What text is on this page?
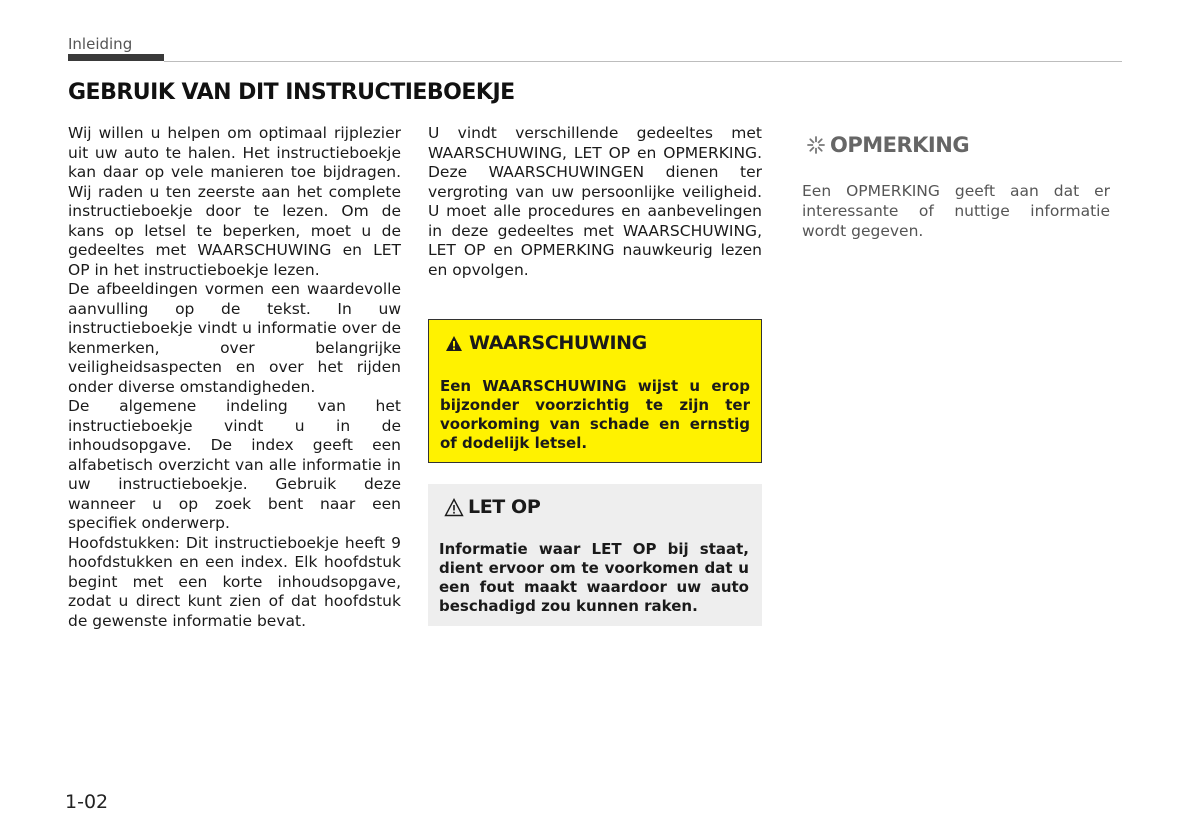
Inleiding
GEBRUIK VAN DIT INSTRUCTIEBOEKJE

Wij willen u helpen om optimaal rijplezier uit uw auto te halen. Het instructieboekje kan daar op vele manieren toe bijdragen. Wij raden u ten zeerste aan het complete instructieboekje door te lezen. Om de kans op letsel te beperken, moet u de gedeeltes met WAARSCHUWING en LET OP in het instructieboekje lezen.

De afbeeldingen vormen een waardevolle aanvulling op de tekst. In uw instructieboekje vindt u informatie over de kenmerken, over belangrijke veiligheidsaspecten en over het rijden onder diverse omstandigheden.

De algemene indeling van het instructieboekje vindt u in de inhoudsopgave. De index geeft een alfabetisch overzicht van alle informatie in uw instructieboekje. Gebruik deze wanneer u op zoek bent naar een specifiek onderwerp.

Hoofdstukken: Dit instructieboekje heeft 9 hoofdstukken en een index. Elk hoofdstuk begint met een korte inhoudsopgave, zodat u direct kunt zien of dat hoofdstuk de gewenste informatie bevat.

U vindt verschillende gedeeltes met WAARSCHUWING, LET OP en OPMERKING. Deze WAARSCHUWINGEN dienen ter vergroting van uw persoonlijke veiligheid. U moet alle procedures en aanbevelingen in deze gedeeltes met WAARSCHUWING, LET OP en OPMERKING nauwkeurig lezen en opvolgen.

WAARSCHUWING
Een WAARSCHUWING wijst u erop bijzonder voorzichtig te zijn ter voorkoming van schade en ernstig of dodelijk letsel.
LET OP
Informatie waar LET OP bij staat, dient ervoor om te voorkomen dat u een fout maakt waardoor uw auto beschadigd zou kunnen raken.
OPMERKING
Een OPMERKING geeft aan dat er interessante of nuttige informatie wordt gegeven.
1-02
